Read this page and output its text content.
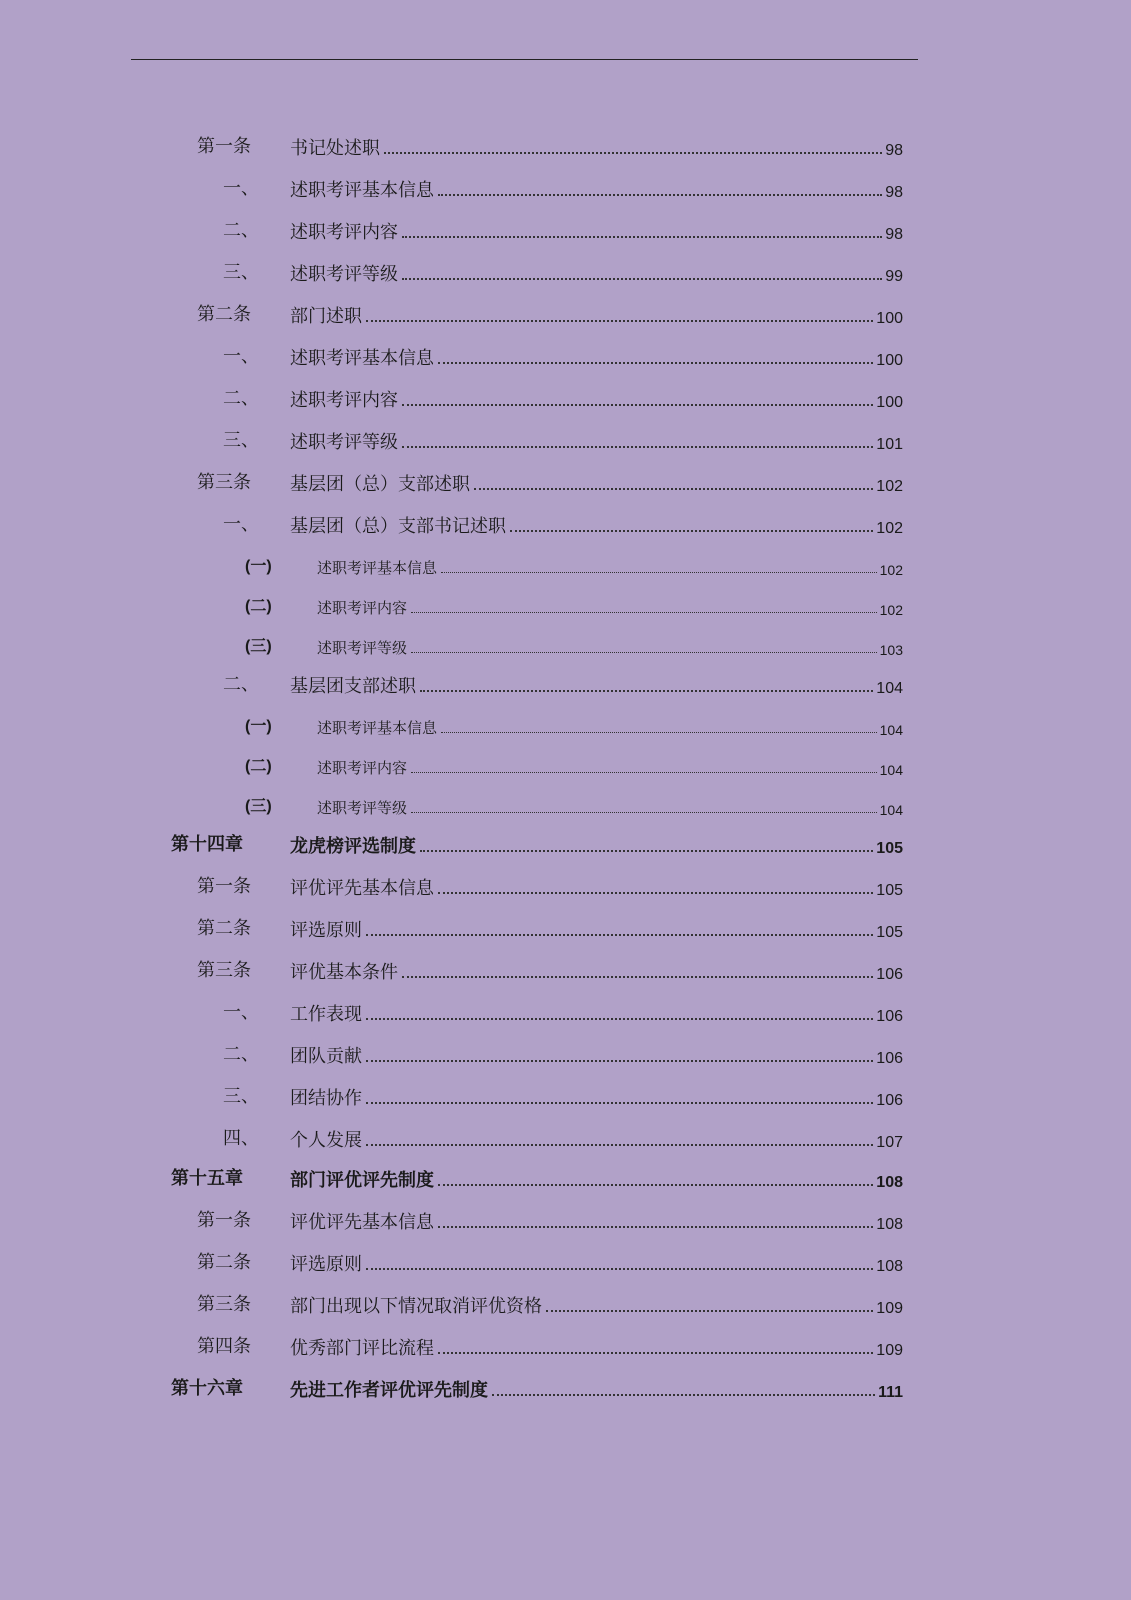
第一条 书记处述职	98
一、 述职考评基本信息	98
二、 述职考评内容	98
三、 述职考评等级	99
第二条 部门述职	100
一、 述职考评基本信息	100
二、 述职考评内容	100
三、 述职考评等级	101
第三条 基层团（总）支部述职	102
一、 基层团（总）支部书记述职	102
(一)	述职考评基本信息	102
(二)	述职考评内容	102
(三)	述职考评等级	103
二、 基层团支部述职	104
(一)	述职考评基本信息	104
(二)	述职考评内容	104
(三)	述职考评等级	104
第十四章	龙虎榜评选制度	105
第一条 评优评先基本信息	105
第二条 评选原则	105
第三条 评优基本条件	106
一、 工作表现	106
二、 团队贡献	106
三、 团结协作	106
四、 个人发展	107
第十五章	部门评优评先制度	108
第一条 评优评先基本信息	108
第二条 评选原则	108
第三条 部门出现以下情况取消评优资格	109
第四条 优秀部门评比流程	109
第十六章	先进工作者评优评先制度	111
